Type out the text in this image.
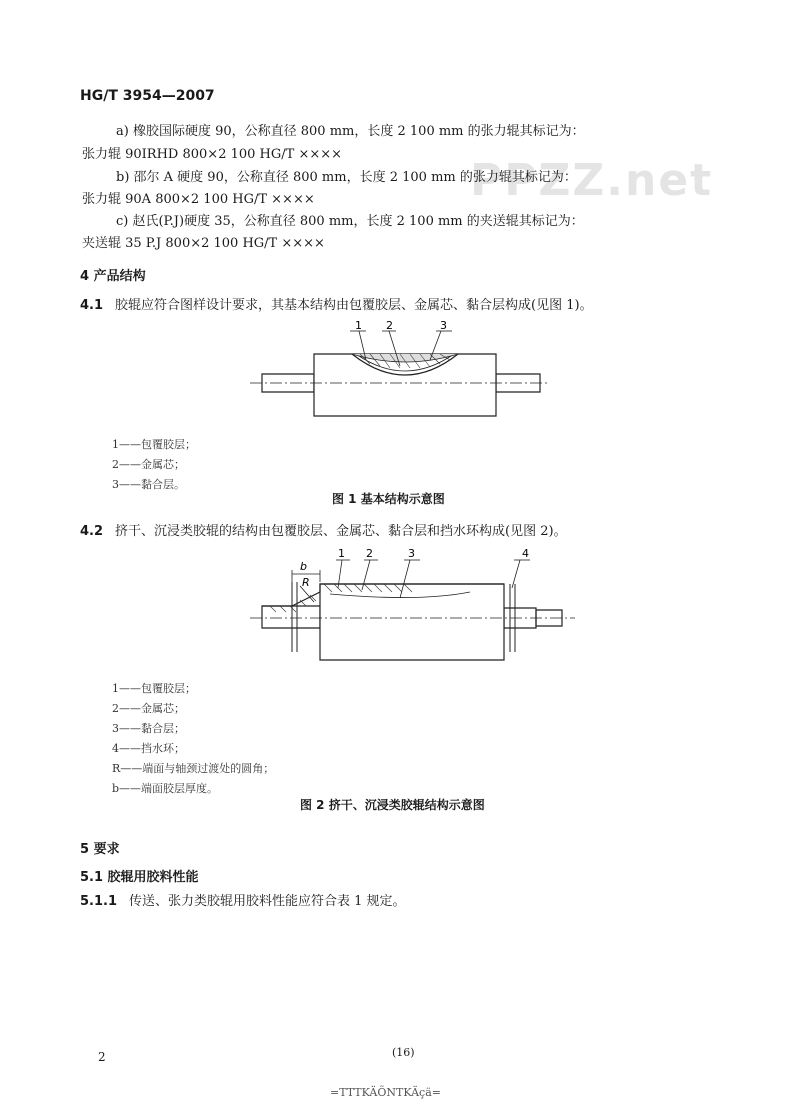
HG/T 3954—2007
PPZZ.net
a) 橡胶国际硬度 90，公称直径 800 mm，长度 2 100 mm 的张力辊其标记为：
张力辊 90IRHD 800×2 100 HG/T ××××
b) 邵尔 A 硬度 90，公称直径 800 mm，长度 2 100 mm 的张力辊其标记为：
张力辊 90A 800×2 100 HG/T ××××
c) 赵氏(P.J)硬度 35，公称直径 800 mm，长度 2 100 mm 的夹送辊其标记为：
夹送辊 35 P.J 800×2 100 HG/T ××××
4 产品结构
4.1 胶辊应符合图样设计要求，其基本结构由包覆胶层、金属芯、黏合层构成(见图 1)。
1 2	3
1——包覆胶层；
2——金属芯；
3——黏合层。
图 1 基本结构示意图
4.2 挤干、沉浸类胶辊的结构由包覆胶层、金属芯、黏合层和挡水环构成(见图 2)。
b
R
1 2	3	4
1——包覆胶层；
2——金属芯；
3——黏合层；
4——挡水环；
R——端面与轴颈过渡处的圆角；
b——端面胶层厚度。
图 2 挤干、沉浸类胶辊结构示意图
5 要求
5.1 胶辊用胶料性能
5.1.1 传送、张力类胶辊用胶料性能应符合表 1 规定。
2	(16)
=TTTKÄÕNTKÄçä=
